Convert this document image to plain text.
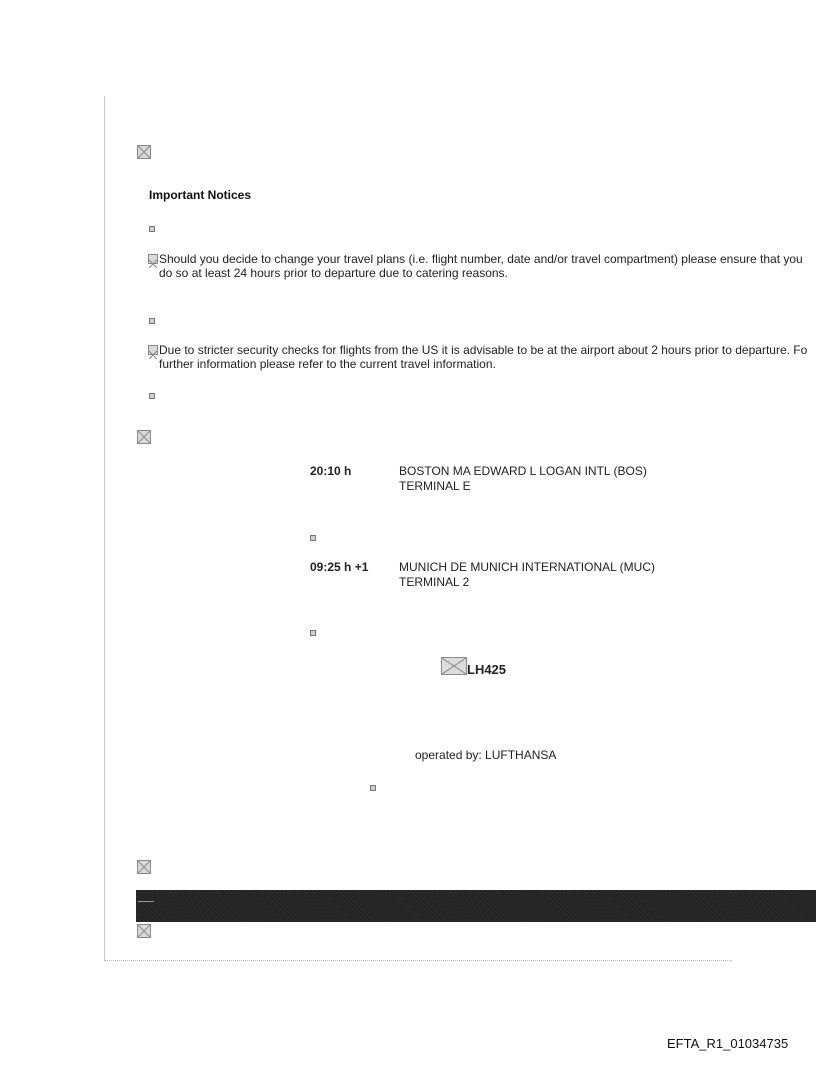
Important Notices
Should you decide to change your travel plans (i.e. flight number, date and/or travel compartment) please ensure that you
do so at least 24 hours prior to departure due to catering reasons.
Due to stricter security checks for flights from the US it is advisable to be at the airport about 2 hours prior to departure. Fo
further information please refer to the current travel information.
20:10 h	BOSTON MA EDWARD L LOGAN INTL (BOS)
TERMINAL E
09:25 h +1	MUNICH DE MUNICH INTERNATIONAL (MUC)
TERMINAL 2
LH425
operated by: LUFTHANSA
EFTA_R1_01034735
